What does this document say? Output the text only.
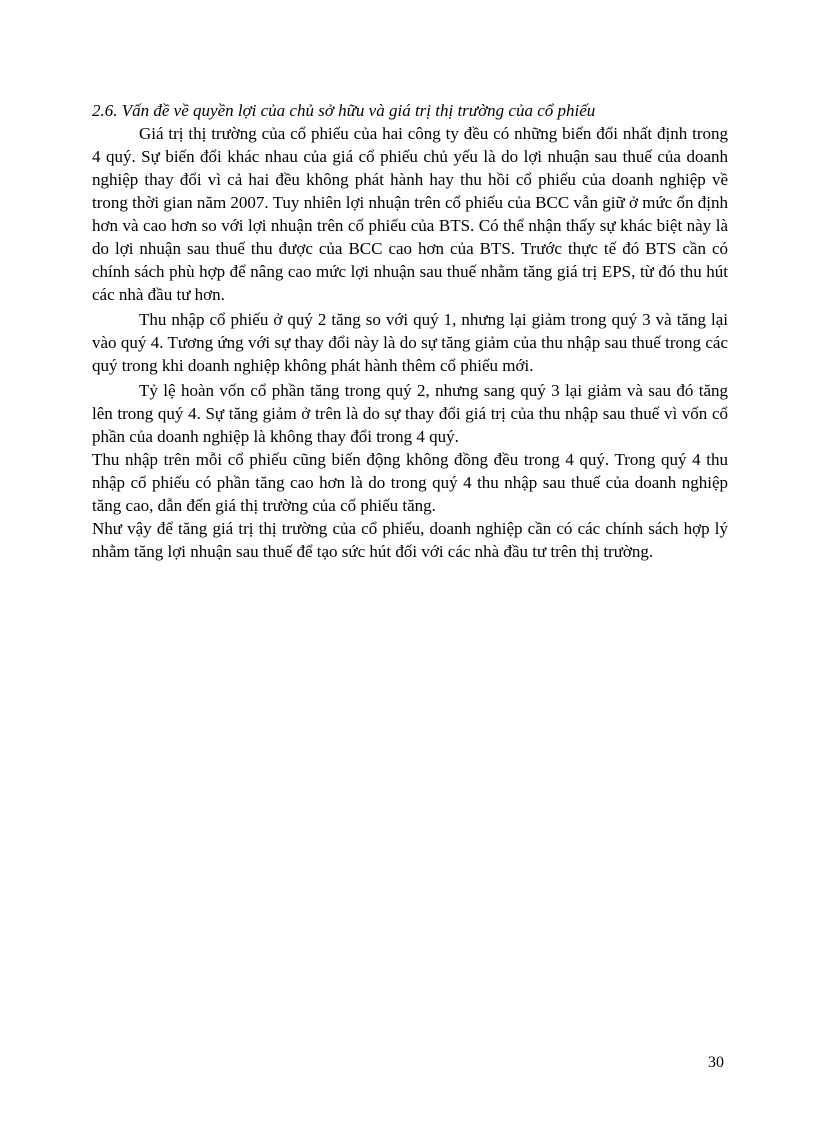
2.6. Vấn đề về quyền lợi của chủ sở hữu và giá trị thị trường của cổ phiếu

Giá trị thị trường của cổ phiếu của hai công ty đều có những biến đổi nhất định trong 4 quý. Sự biến đổi khác nhau của giá cổ phiếu chủ yếu là do lợi nhuận sau thuế của doanh nghiệp thay đổi vì cả hai đều không phát hành hay thu hồi cổ phiếu của doanh nghiệp về trong thời gian năm 2007. Tuy nhiên lợi nhuận trên cổ phiếu của BCC vẫn giữ ở mức ổn định hơn và cao hơn so với lợi nhuận trên cổ phiếu của BTS. Có thể nhận thấy sự khác biệt này là do lợi nhuận sau thuế thu được của BCC cao hơn của BTS. Trước thực tế đó BTS cần có chính sách phù hợp để nâng cao mức lợi nhuận sau thuế nhằm tăng giá trị EPS, từ đó thu hút các nhà đầu tư hơn.

Thu nhập cổ phiếu ở quý 2 tăng so với quý 1, nhưng lại giảm trong quý 3 và tăng lại vào quý 4. Tương ứng với sự thay đổi này là do sự tăng giảm của thu nhập sau thuế trong các quý trong khi doanh nghiệp không phát hành thêm cổ phiếu mới.

Tỷ lệ hoàn vốn cổ phần tăng trong quý 2, nhưng sang quý 3 lại giảm và sau đó tăng lên trong quý 4. Sự tăng giảm ở trên là do sự thay đổi giá trị của thu nhập sau thuế vì vốn cổ phần của doanh nghiệp là không thay đổi trong 4 quý.

Thu nhập trên mỗi cổ phiếu cũng biến động không đồng đều trong 4 quý. Trong quý 4 thu nhập cổ phiếu có phần tăng cao hơn là do trong quý 4 thu nhập sau thuế của doanh nghiệp tăng cao, dẫn đến giá thị trường của cổ phiếu tăng.

Như vậy để tăng giá trị thị trường của cổ phiếu, doanh nghiệp cần có các chính sách hợp lý nhằm tăng lợi nhuận sau thuế để tạo sức hút đối với các nhà đầu tư trên thị trường.

30
